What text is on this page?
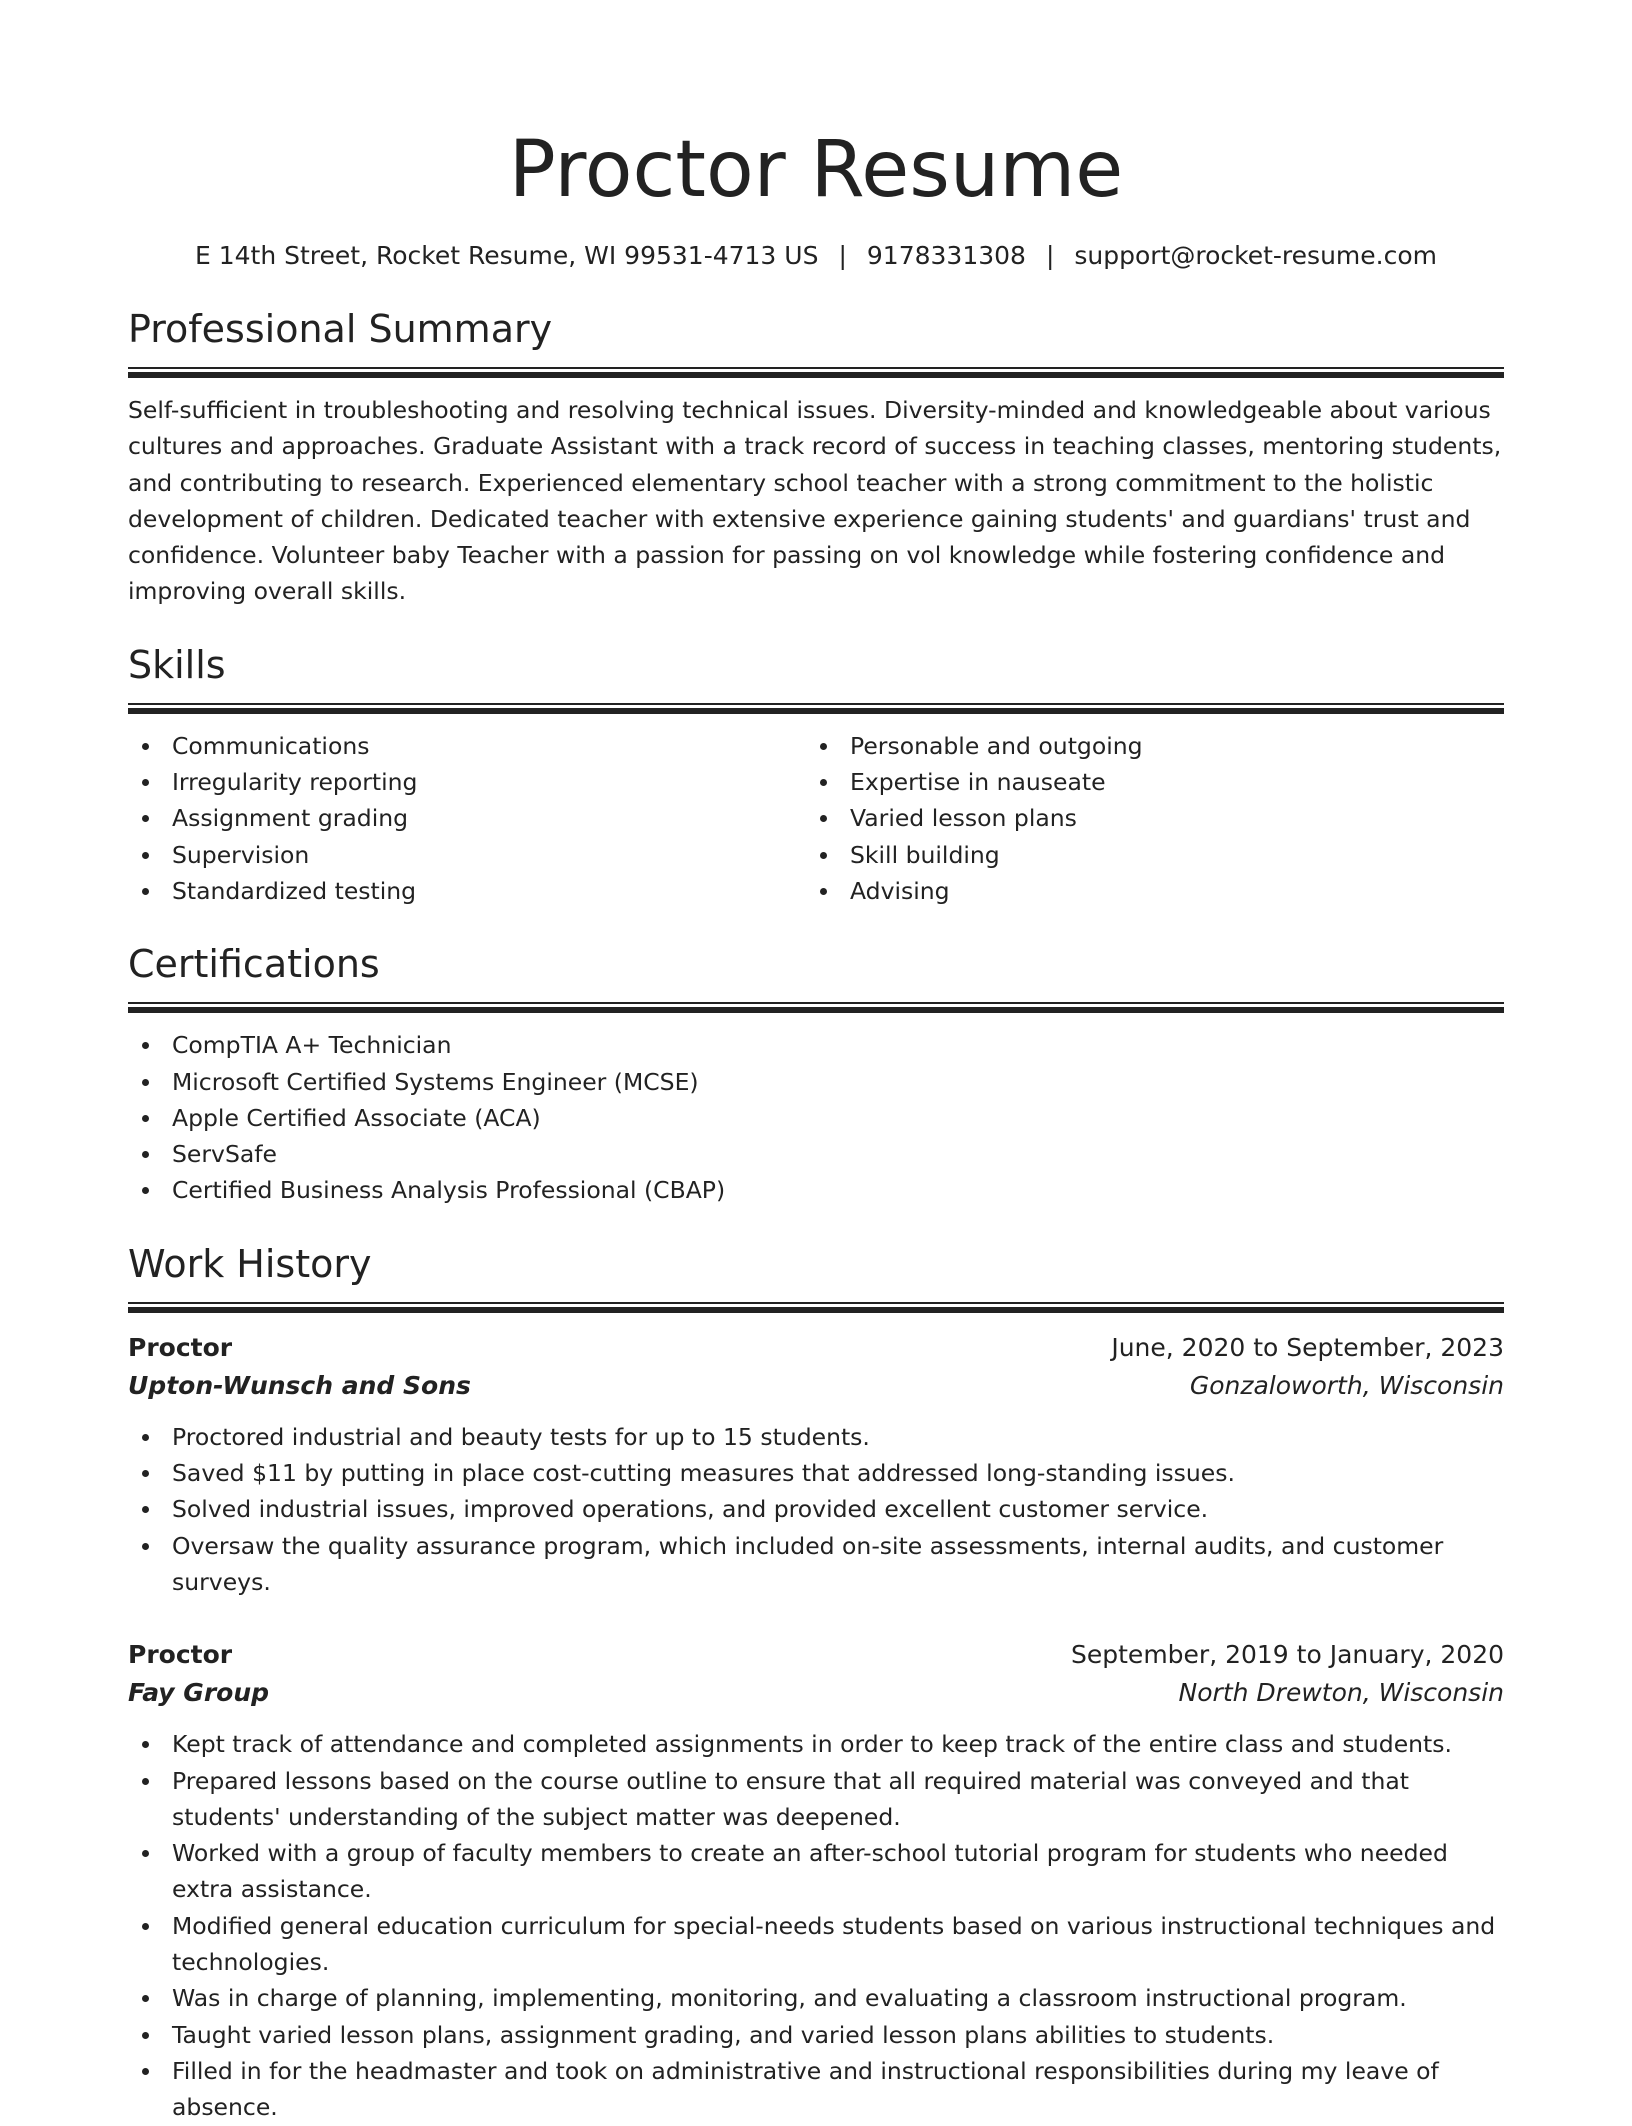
Proctor Resume
E 14th Street, Rocket Resume, WI 99531-4713 US | 9178331308 | support@rocket-resume.com
Professional Summary
Self-sufficient in troubleshooting and resolving technical issues. Diversity-minded and knowledgeable about various cultures and approaches. Graduate Assistant with a track record of success in teaching classes, mentoring students, and contributing to research. Experienced elementary school teacher with a strong commitment to the holistic development of children. Dedicated teacher with extensive experience gaining students' and guardians' trust and confidence. Volunteer baby Teacher with a passion for passing on vol knowledge while fostering confidence and improving overall skills.
Skills
Communications
Irregularity reporting
Assignment grading
Supervision
Standardized testing
Personable and outgoing
Expertise in nauseate
Varied lesson plans
Skill building
Advising
Certifications
CompTIA A+ Technician
Microsoft Certified Systems Engineer (MCSE)
Apple Certified Associate (ACA)
ServSafe
Certified Business Analysis Professional (CBAP)
Work History
Proctor	June, 2020 to September, 2023
Upton-Wunsch and Sons	Gonzaloworth, Wisconsin
Proctored industrial and beauty tests for up to 15 students.
Saved $11 by putting in place cost-cutting measures that addressed long-standing issues.
Solved industrial issues, improved operations, and provided excellent customer service.
Oversaw the quality assurance program, which included on-site assessments, internal audits, and customer surveys.
Proctor	September, 2019 to January, 2020
Fay Group	North Drewton, Wisconsin
Kept track of attendance and completed assignments in order to keep track of the entire class and students.
Prepared lessons based on the course outline to ensure that all required material was conveyed and that students' understanding of the subject matter was deepened.
Worked with a group of faculty members to create an after-school tutorial program for students who needed extra assistance.
Modified general education curriculum for special-needs students based on various instructional techniques and technologies.
Was in charge of planning, implementing, monitoring, and evaluating a classroom instructional program.
Taught varied lesson plans, assignment grading, and varied lesson plans abilities to students.
Filled in for the headmaster and took on administrative and instructional responsibilities during my leave of absence.
